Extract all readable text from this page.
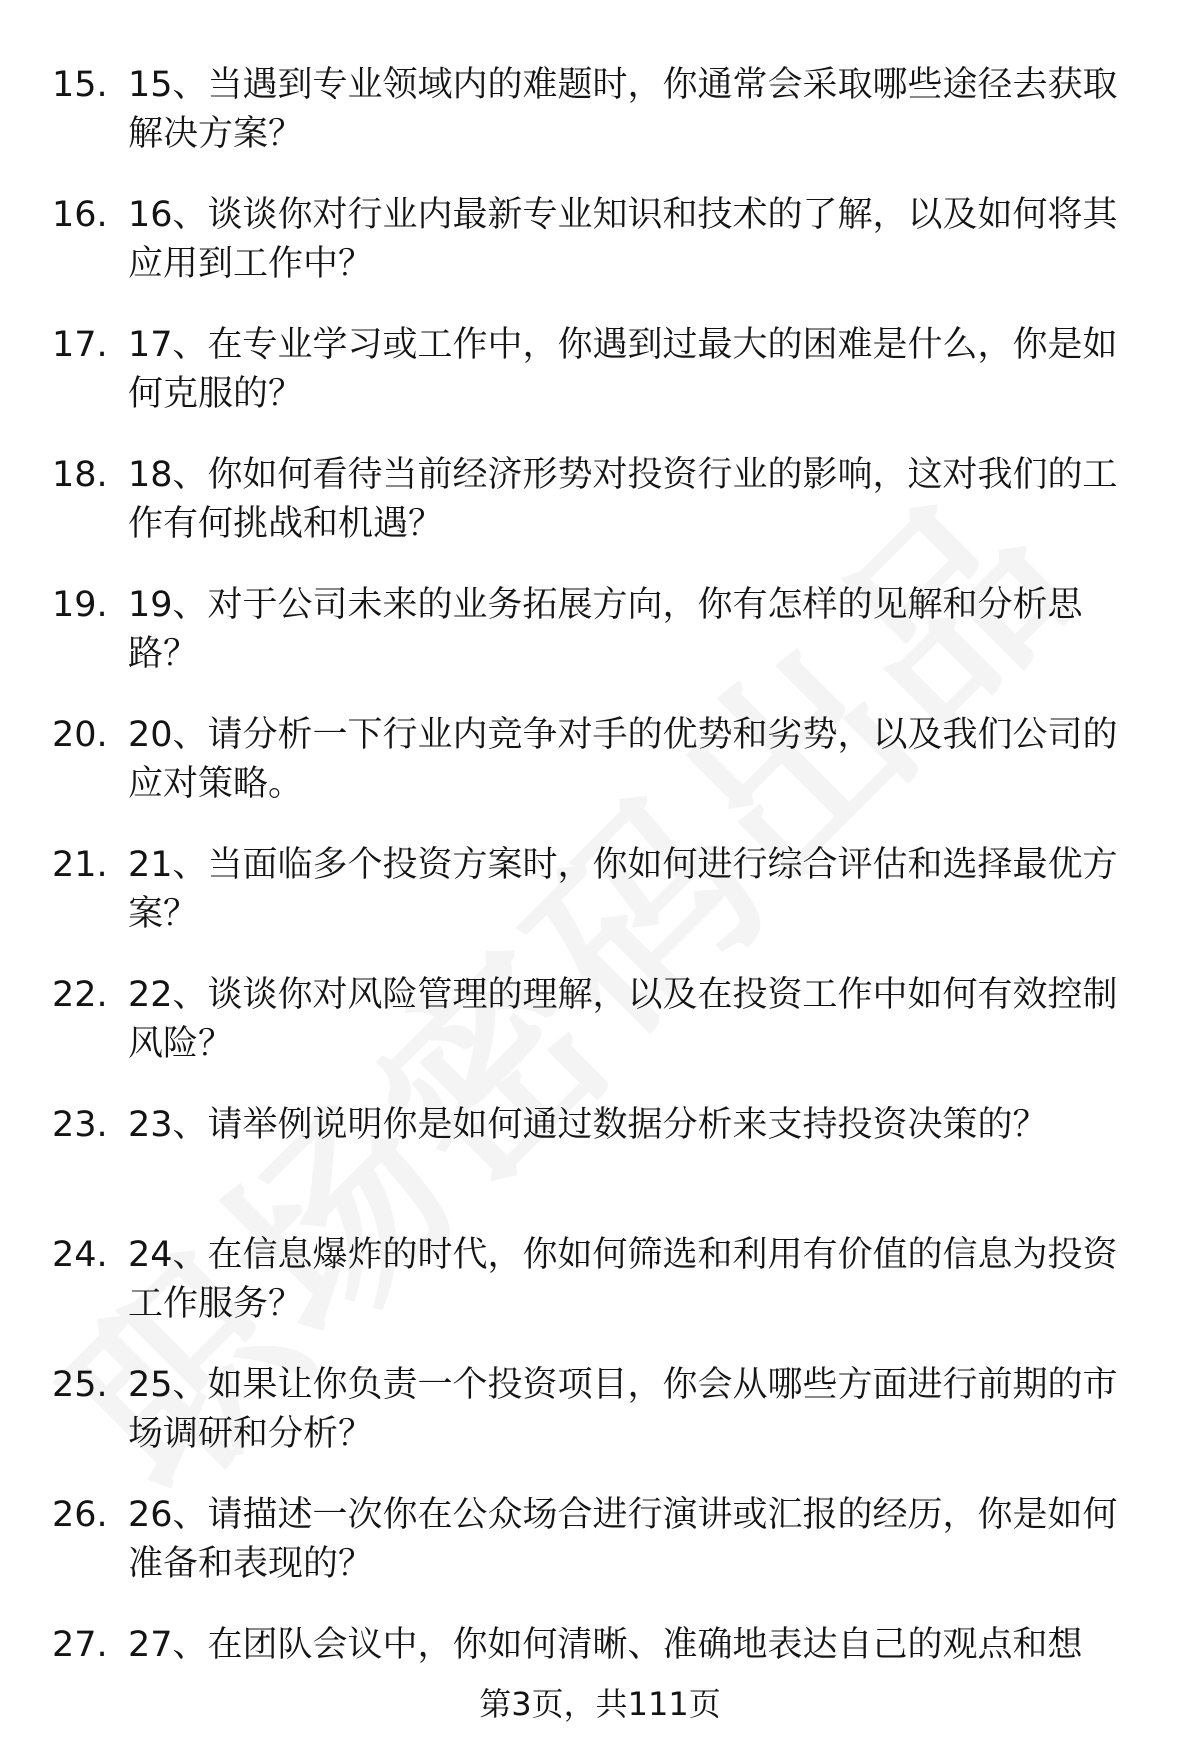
15. 15、当遇到专业领域内的难题时，你通常会采取哪些途径去获取解决方案？
16. 16、谈谈你对行业内最新专业知识和技术的了解，以及如何将其应用到工作中？
17. 17、在专业学习或工作中，你遇到过最大的困难是什么，你是如何克服的？
18. 18、你如何看待当前经济形势对投资行业的影响，这对我们的工作有何挑战和机遇？
19. 19、对于公司未来的业务拓展方向，你有怎样的见解和分析思路？
20. 20、请分析一下行业内竞争对手的优势和劣势，以及我们公司的应对策略。
21. 21、当面临多个投资方案时，你如何进行综合评估和选择最优方案？
22. 22、谈谈你对风险管理的理解，以及在投资工作中如何有效控制风险？
23. 23、请举例说明你是如何通过数据分析来支持投资决策的？
24. 24、在信息爆炸的时代，你如何筛选和利用有价值的信息为投资工作服务？
25. 25、如果让你负责一个投资项目，你会从哪些方面进行前期的市场调研和分析？
26. 26、请描述一次你在公众场合进行演讲或汇报的经历，你是如何准备和表现的？
27. 27、在团队会议中，你如何清晰、准确地表达自己的观点和想
第3页，共111页
